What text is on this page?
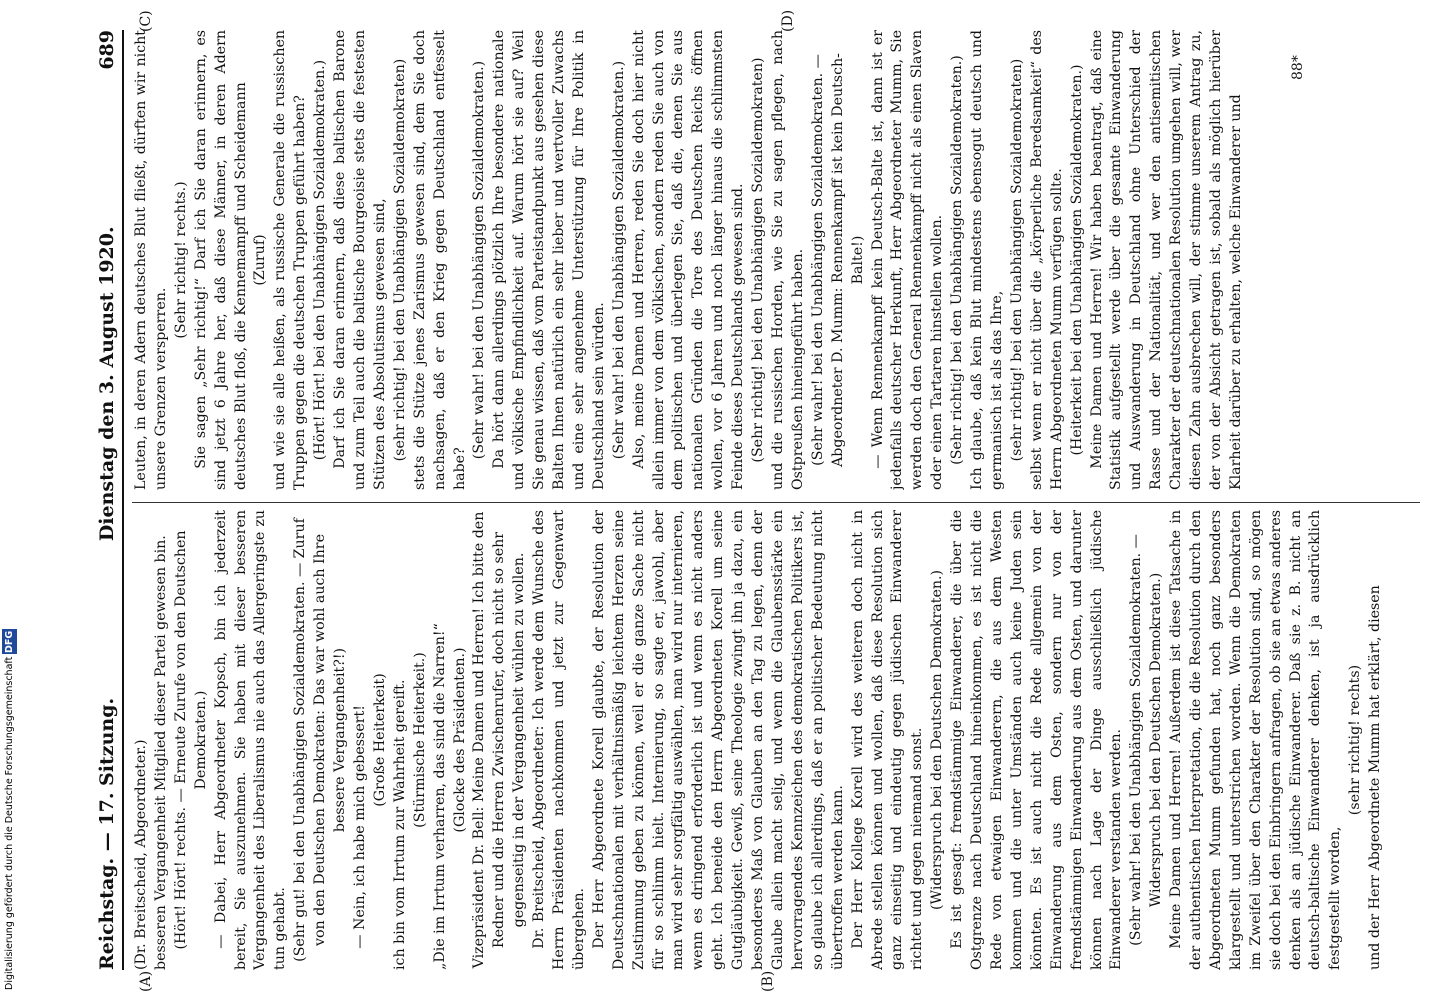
Reichstag. — 17. Sitzung.
Dienstag den 3. August 1920.
689
(A)	(B)
(C)	(D)

(Dr. Breitscheid, Abgeordneter.) besseren Vergangenheit Mitglied dieser Partei gewesen bin. (Hört! Hört! rechts. — Erneute Zurufe von den Deutschen Demokraten.) — Dabei, Herr Abgeordneter Kopsch, bin ich jederzeit bereit, Sie auszunehmen. Sie haben mit dieser besseren Vergangenheit des Liberalismus nie auch das Allergeringste zu tun gehabt. (Sehr gut! bei den Unabhängigen Sozialdemokraten. — Zuruf von den Deutschen Demokraten: Das war wohl auch Ihre bessere Vergangenheit?!) — Nein, ich habe mich gebessert! (Große Heiterkeit) ich bin vom Irrtum zur Wahrheit gereift. (Stürmische Heiterkeit.) „Die im Irrtum verharren, das sind die Narren!“ (Glocke des Präsidenten.) Vizepräsident Dr. Bell: Meine Damen und Herren! Ich bitte den Redner und die Herren Zwischenrufer, doch nicht so sehr gegenseitig in der Vergangenheit wühlen zu wollen. Dr. Breitscheid, Abgeordneter: Ich werde dem Wunsche des Herrn Präsidenten nachkommen und jetzt zur Gegenwart übergehen. Der Herr Abgeordnete Korell glaubte, der Resolution der Deutschnationalen mit verhältnismäßig leichtem Herzen seine Zustimmung geben zu können, weil er die ganze Sache nicht für so schlimm hielt. Internierung, so sagte er, jawohl, aber man wird sehr sorgfältig auswählen, man wird nur internieren, wenn es dringend erforderlich ist und wenn es nicht anders geht. Ich beneide den Herrn Abgeordneten Korell um seine Gutgläubigkeit. Gewiß, seine Theologie zwingt ihn ja dazu, ein besonderes Maß von Glauben an den Tag zu legen, denn der Glaube allein macht selig, und wenn die Glaubensstärke ein hervorragendes Kennzeichen des demokratischen Politikers ist, so glaube ich allerdings, daß er an politischer Bedeutung nicht übertroffen werden kann. Der Herr Kollege Korell wird des weiteren doch nicht in Abrede stellen können und wollen, daß diese Resolution sich ganz einseitig und eindeutig gegen jüdischen Einwanderer richtet und gegen niemand sonst. (Widerspruch bei den Deutschen Demokraten.) Es ist gesagt: fremdstämmige Einwanderer, die über die Ostgrenze nach Deutschland hineinkommen, es ist nicht die Rede von etwaigen Einwanderern, die aus dem Westen kommen und die unter Umständen auch keine Juden sein könnten. Es ist auch nicht die Rede allgemein von der Einwanderung aus dem Osten, sondern nur von der fremdstämmigen Einwanderung aus dem Osten, und darunter können nach Lage der Dinge ausschließlich jüdische Einwanderer verstanden werden. (Sehr wahr! bei den Unabhängigen Sozialdemokraten. — Widerspruch bei den Deutschen Demokraten.) Meine Damen und Herren! Außerdem ist diese Tatsache in der authentischen Interpretation, die die Resolution durch den Abgeordneten Mumm gefunden hat, noch ganz besonders klargestellt und unterstrichen worden. Wenn die Demokraten im Zweifel über den Charakter der Resolution sind, so mögen sie doch bei den Einbringern anfragen, ob sie an etwas anderes denken als an jüdische Einwanderer. Daß sie z. B. nicht an deutsch-baltische Einwanderer denken, ist ja ausdrücklich festgestellt worden,

(sehr richtig! rechts) und der Herr Abgeordnete Mumm hat erklärt, diesen

Leuten, in deren Adern deutsches Blut fließt, dürften wir nicht unsere Grenzen versperren.

(Sehr richtig! rechts.) Sie sagen „Sehr richtig!“ Darf ich Sie daran erinnern, es sind jetzt 6 Jahre her, daß diese Männer, in deren Adern deutsches Blut floß, die Kennemampff und Scheidemann (Zuruf) und wie sie alle heißen, als russische Generale die russischen Truppen gegen die deutschen Truppen geführt haben? (Hört! Hört! bei den Unabhängigen Sozialdemokraten.) Darf ich Sie daran erinnern, daß diese baltischen Barone und zum Teil auch die baltische Bourgeoisie stets die festesten Stützen des Absolutismus gewesen sind, (sehr richtig! bei den Unabhängigen Sozialdemokraten) stets die Stütze jenes Zarismus gewesen sind, dem Sie doch nachsagen, daß er den Krieg gegen Deutschland entfesselt habe?

(Sehr wahr! bei den Unabhängigen Sozialdemokraten.) Da hört dann allerdings plötzlich Ihre besondere nationale und völkische Empfindlichkeit auf. Warum hört sie auf? Weil Sie genau wissen, daß vom Parteistandpunkt aus gesehen diese Balten Ihnen natürlich ein sehr lieber und wertvoller Zuwachs und eine sehr angenehme Unterstützung für Ihre Politik in Deutschland sein würden. (Sehr wahr! bei den Unabhängigen Sozialdemokraten.) Also, meine Damen und Herren, reden Sie doch hier nicht allein immer von dem völkischen, sondern reden Sie auch von dem politischen und überlegen Sie, daß die, denen Sie aus nationalen Gründen die Tore des Deutschen Reichs öffnen wollen, vor 6 Jahren und noch länger hinaus die schlimmsten Feinde dieses Deutschlands gewesen sind. (Sehr richtig! bei den Unabhängigen Sozialdemokraten) und die russischen Horden, wie Sie zu sagen pflegen, nach Ostpreußen hineingeführt haben. (Sehr wahr! bei den Unabhängigen Sozialdemokraten. — Abgeordneter D. Mumm: Rennenkampff ist kein Deutsch-Balte!) — Wenn Rennenkampff kein Deutsch-Balte ist, dann ist er jedenfalls deutscher Herkunft, Herr Abgeordneter Mumm, Sie werden doch den General Rennenkampff nicht als einen Slaven oder einen Tartaren hinstellen wollen. (Sehr richtig! bei den Unabhängigen Sozialdemokraten.) Ich glaube, daß kein Blut mindestens ebensogut deutsch und germanisch ist als das Ihre, (sehr richtig! bei den Unabhängigen Sozialdemokraten) selbst wenn er nicht über die „körperliche Beredsamkeit“ des Herrn Abgeordneten Mumm verfügen sollte. (Heiterkeit bei den Unabhängigen Sozialdemokraten.) Meine Damen und Herren! Wir haben beantragt, daß eine Statistik aufgestellt werde über die gesamte Einwanderung und Auswanderung in Deutschland ohne Unterschied der Rasse und der Nationalität, und wer den antisemitischen Charakter der deutschnationalen Resolution umgehen will, wer diesen Zahn ausbrechen will, der stimme unserem Antrag zu, der von der Absicht getragen ist, sobald als möglich hierüber Klarheit darüber zu erhalten, welche Einwanderer und

88*
Digitalisierung gefördert durch die Deutsche Forschungsgemeinschaft DFG
